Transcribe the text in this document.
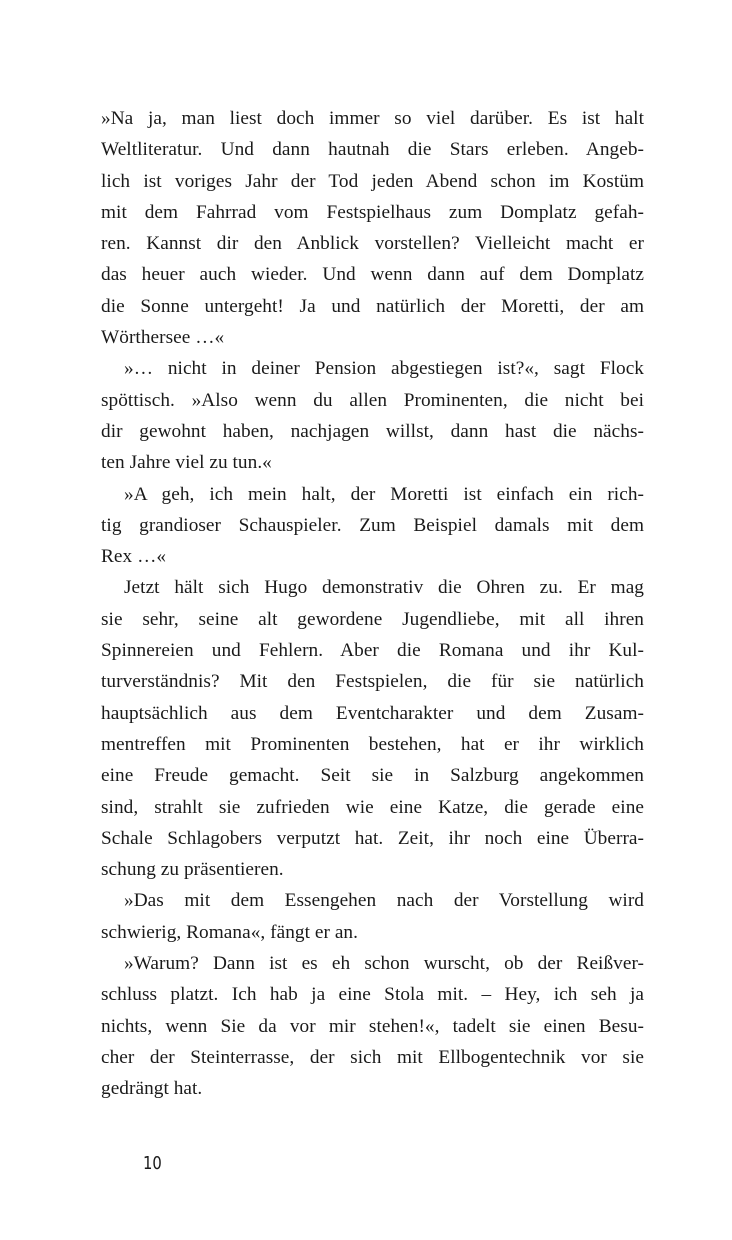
»Na ja, man liest doch immer so viel darüber. Es ist halt
Weltliteratur. Und dann hautnah die Stars erleben. Angeb-
lich ist voriges Jahr der Tod jeden Abend schon im Kostüm
mit dem Fahrrad vom Festspielhaus zum Domplatz gefah-
ren. Kannst dir den Anblick vorstellen? Vielleicht macht er
das heuer auch wieder. Und wenn dann auf dem Domplatz
die Sonne untergeht! Ja und natürlich der Moretti, der am
Wörthersee …«

»… nicht in deiner Pension abgestiegen ist?«, sagt Flock
spöttisch. »Also wenn du allen Prominenten, die nicht bei
dir gewohnt haben, nachjagen willst, dann hast die nächs-
ten Jahre viel zu tun.«

»A geh, ich mein halt, der Moretti ist einfach ein rich-
tig grandioser Schauspieler. Zum Beispiel damals mit dem
Rex …«

Jetzt hält sich Hugo demonstrativ die Ohren zu. Er mag
sie sehr, seine alt gewordene Jugendliebe, mit all ihren
Spinnereien und Fehlern. Aber die Romana und ihr Kul-
turverständnis? Mit den Festspielen, die für sie natürlich
hauptsächlich aus dem Eventcharakter und dem Zusam-
mentreffen mit Prominenten bestehen, hat er ihr wirklich
eine Freude gemacht. Seit sie in Salzburg angekommen
sind, strahlt sie zufrieden wie eine Katze, die gerade eine
Schale Schlagobers verputzt hat. Zeit, ihr noch eine Überra-
schung zu präsentieren.

»Das mit dem Essengehen nach der Vorstellung wird
schwierig, Romana«, fängt er an.

»Warum? Dann ist es eh schon wurscht, ob der Reißver-
schluss platzt. Ich hab ja eine Stola mit. – Hey, ich seh ja
nichts, wenn Sie da vor mir stehen!«, tadelt sie einen Besu-
cher der Steinterrasse, der sich mit Ellbogentechnik vor sie
gedrängt hat.

10
